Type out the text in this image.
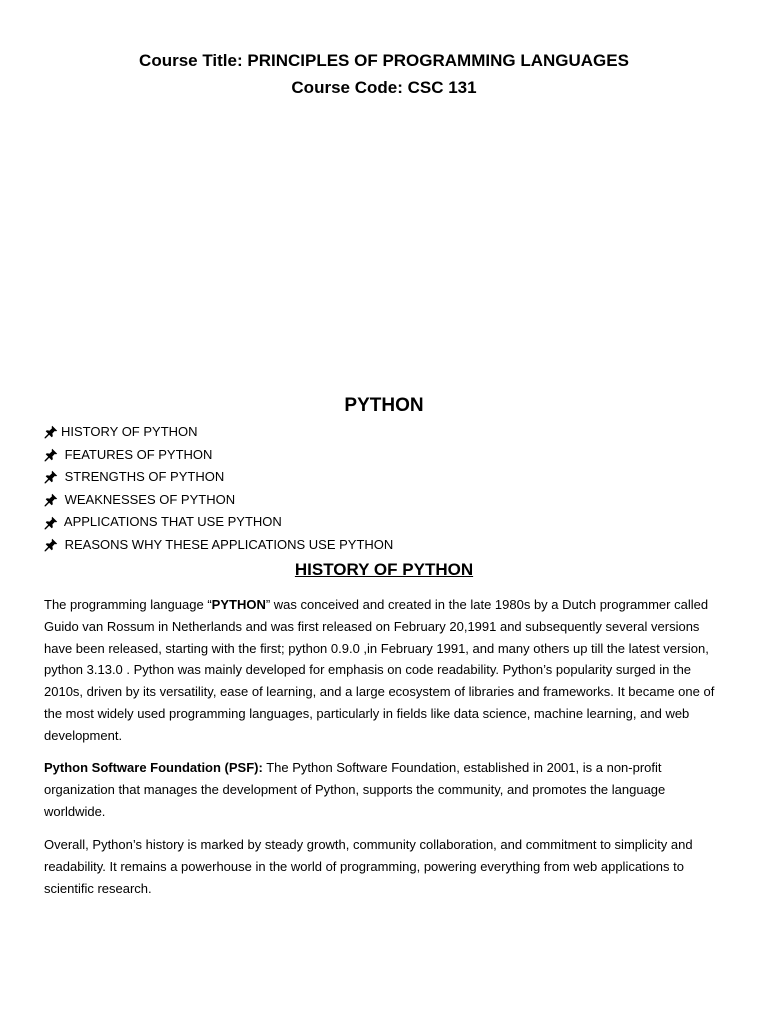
Course Title: PRINCIPLES OF PROGRAMMING LANGUAGES
Course Code: CSC 131
PYTHON
HISTORY OF PYTHON
FEATURES OF PYTHON
STRENGTHS OF PYTHON
WEAKNESSES OF PYTHON
APPLICATIONS THAT USE PYTHON
REASONS WHY THESE APPLICATIONS USE PYTHON
HISTORY OF PYTHON

The programming language “PYTHON” was conceived and created in the late 1980s by a Dutch programmer called Guido van Rossum in Netherlands and was first released on February 20,1991 and subsequently several versions have been released, starting with the first; python 0.9.0 ,in February 1991, and many others up till the latest version, python 3.13.0 . Python was mainly developed for emphasis on code readability. Python’s popularity surged in the 2010s, driven by its versatility, ease of learning, and a large ecosystem of libraries and frameworks. It became one of the most widely used programming languages, particularly in fields like data science, machine learning, and web development.

Python Software Foundation (PSF): The Python Software Foundation, established in 2001, is a non-profit organization that manages the development of Python, supports the community, and promotes the language worldwide.

Overall, Python’s history is marked by steady growth, community collaboration, and commitment to simplicity and readability. It remains a powerhouse in the world of programming, powering everything from web applications to scientific research.
